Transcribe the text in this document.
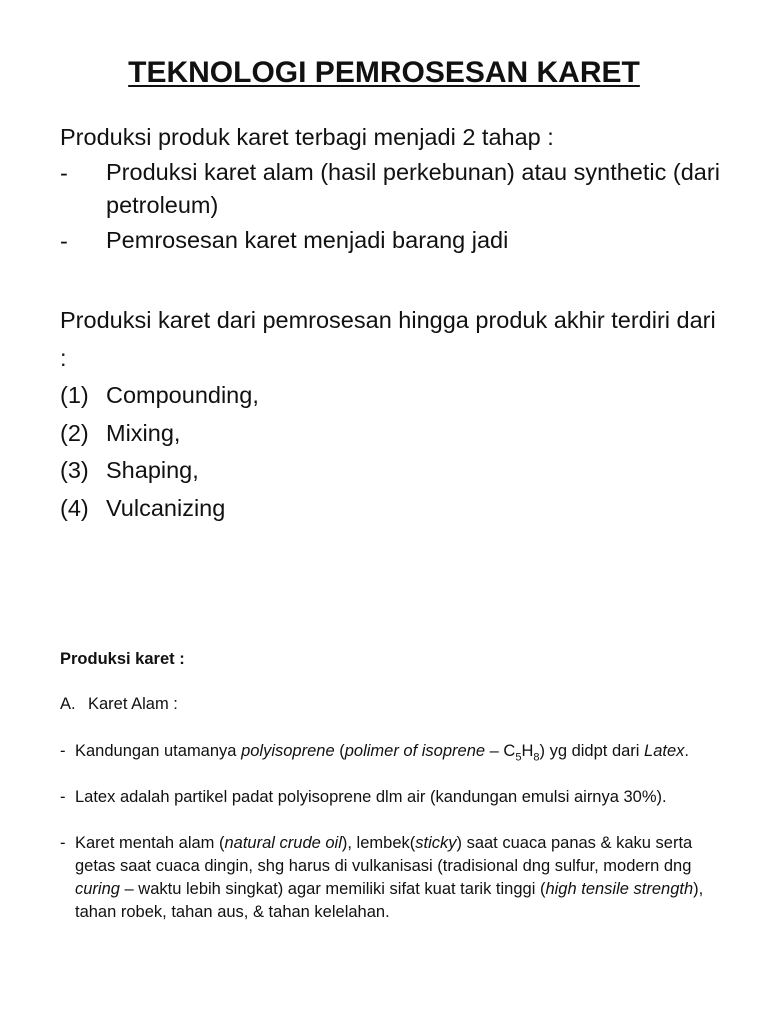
TEKNOLOGI PEMROSESAN KARET

Produksi produk karet terbagi menjadi 2 tahap :

-	Produksi karet alam (hasil perkebunan) atau synthetic (dari petroleum)
-	Pemrosesan karet menjadi barang jadi

Produksi karet dari pemrosesan hingga produk akhir terdiri dari :

(1) Compounding,
(2) Mixing,
(3) Shaping,
(4) Vulcanizing

Produksi karet :

A. Karet Alam :

- Kandungan utamanya polyisoprene (polimer of isoprene – $C_5H_8$) yg didpt dari Latex.
- Latex adalah partikel padat polyisoprene dlm air (kandungan emulsi airnya 30%).
- Karet mentah alam (natural crude oil), lembek(sticky) saat cuaca panas & kaku serta getas saat cuaca dingin, shg harus di vulkanisasi (tradisional dng sulfur, modern dng curing – waktu lebih singkat) agar memiliki sifat kuat tarik tinggi (high tensile strength), tahan robek, tahan aus, & tahan kelelahan.
